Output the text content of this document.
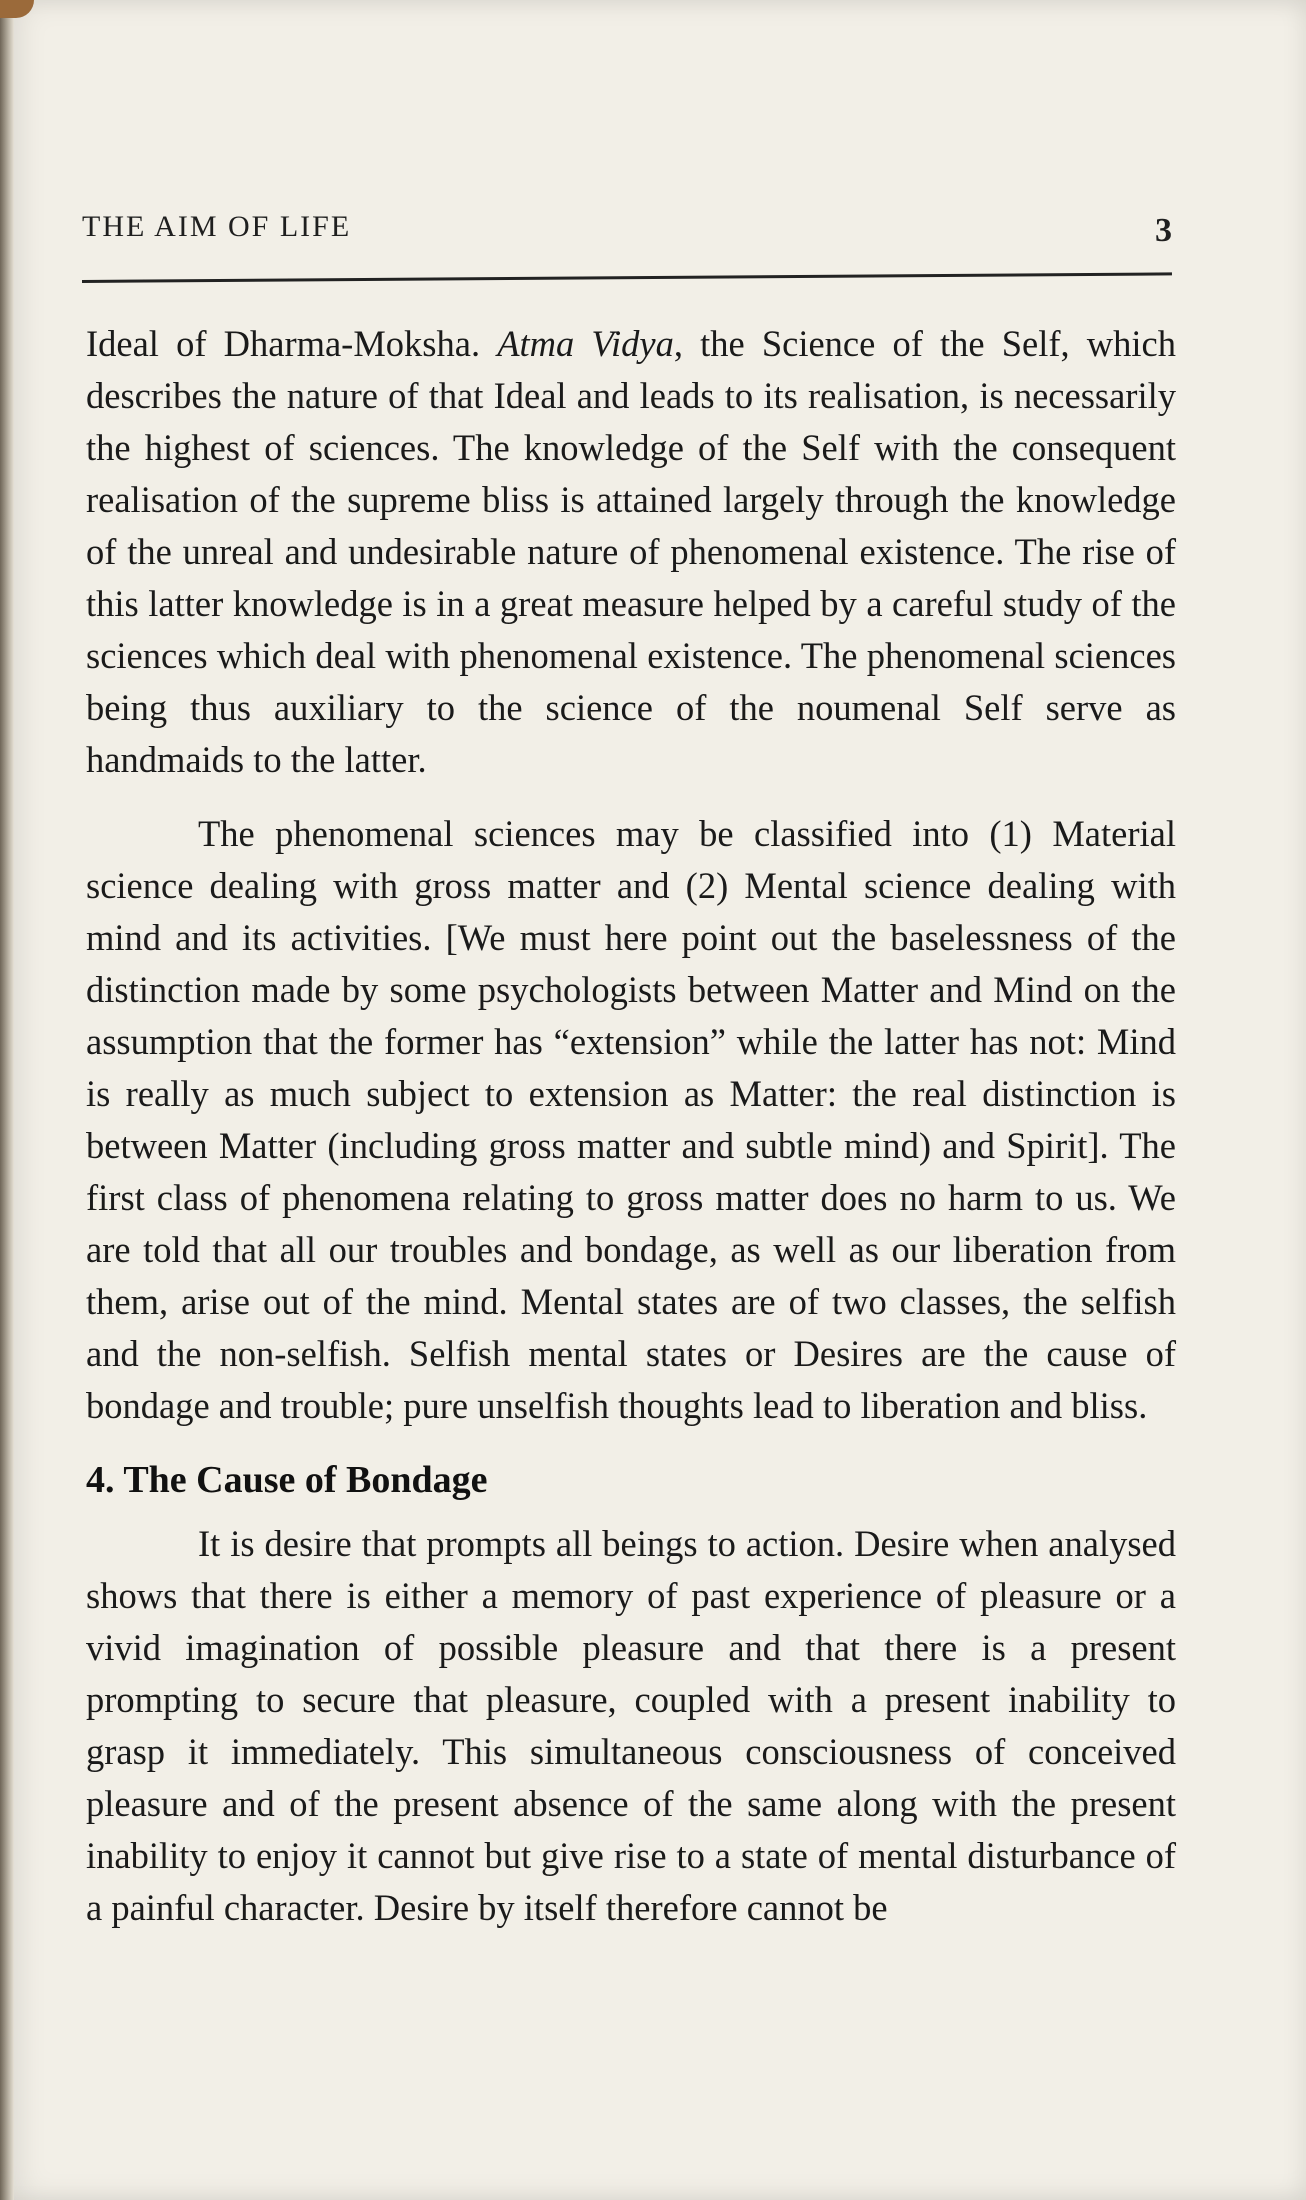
THE AIM OF LIFE	3

Ideal of Dharma-Moksha. Atma Vidya, the Science of the Self, which describes the nature of that Ideal and leads to its realisation, is necessarily the highest of sciences. The knowledge of the Self with the consequent realisation of the supreme bliss is attained largely through the knowledge of the unreal and undesirable nature of phenomenal existence. The rise of this latter knowledge is in a great measure helped by a careful study of the sciences which deal with phenomenal existence. The phenomenal sciences being thus auxiliary to the science of the noumenal Self serve as handmaids to the latter.

The phenomenal sciences may be classified into (1) Material science dealing with gross matter and (2) Mental science dealing with mind and its activities. [We must here point out the baselessness of the distinction made by some psychologists between Matter and Mind on the assumption that the former has “extension” while the latter has not: Mind is really as much subject to extension as Matter: the real distinction is between Matter (including gross matter and subtle mind) and Spirit]. The first class of phenomena relating to gross matter does no harm to us. We are told that all our troubles and bondage, as well as our liberation from them, arise out of the mind. Mental states are of two classes, the selfish and the non-selfish. Selfish mental states or Desires are the cause of bondage and trouble; pure unselfish thoughts lead to liberation and bliss.

4. The Cause of Bondage

It is desire that prompts all beings to action. Desire when analysed shows that there is either a memory of past experience of pleasure or a vivid imagination of possible pleasure and that there is a present prompting to secure that pleasure, coupled with a present inability to grasp it immediately. This simultaneous consciousness of conceived pleasure and of the present absence of the same along with the present inability to enjoy it cannot but give rise to a state of mental disturbance of a painful character. Desire by itself therefore cannot be
